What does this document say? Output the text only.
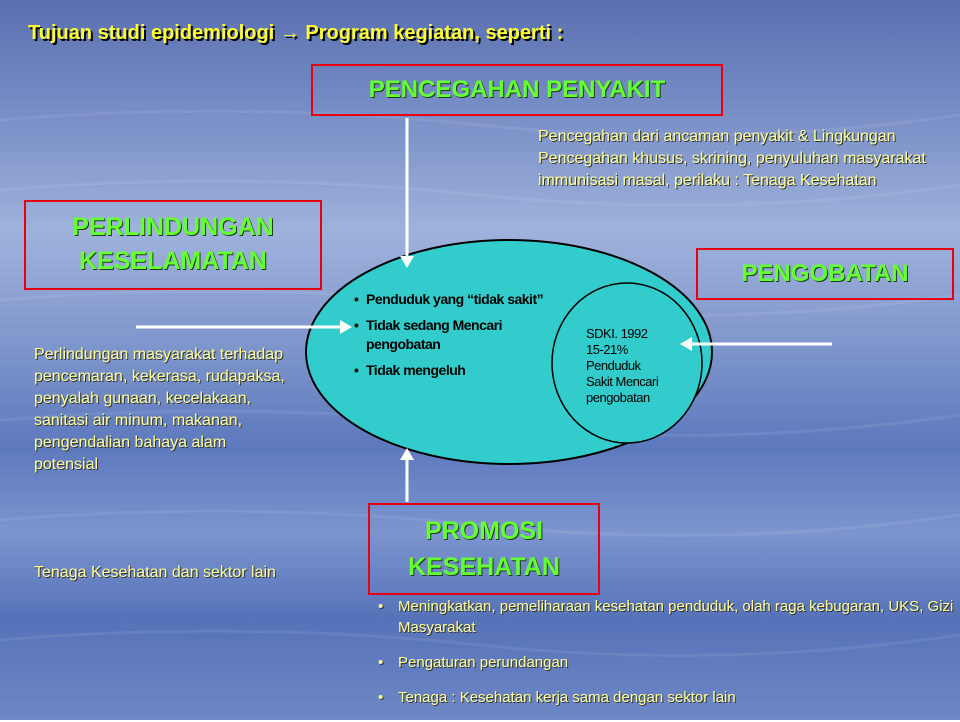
Tujuan studi epidemiologi → Program kegiatan, seperti :
PENCEGAHAN PENYAKIT
Pencegahan dari ancaman penyakit & Lingkungan Pencegahan khusus, skrining, penyuluhan masyarakat immunisasi masal, perilaku : Tenaga Kesehatan
PERLINDUNGAN
KESELAMATAN	PENGOBATAN
• Penduduk yang “tidak sakit”
• Tidak sedang Mencari pengobatan
• Tidak mengeluh
SDKI. 1992
15-21%
Penduduk
Sakit Mencari
pengobatan
Perlindungan masyarakat terhadap pencemaran, kekerasa, rudapaksa, penyalah gunaan, kecelakaan, sanitasi air minum, makanan, pengendalian bahaya alam potensial
Tenaga Kesehatan dan sektor lain
PROMOSI
KESEHATAN
• Meningkatkan, pemeliharaan kesehatan penduduk, olah raga kebugaran, UKS, Gizi Masyarakat
• Pengaturan perundangan
• Tenaga : Kesehatan kerja sama dengan sektor lain
